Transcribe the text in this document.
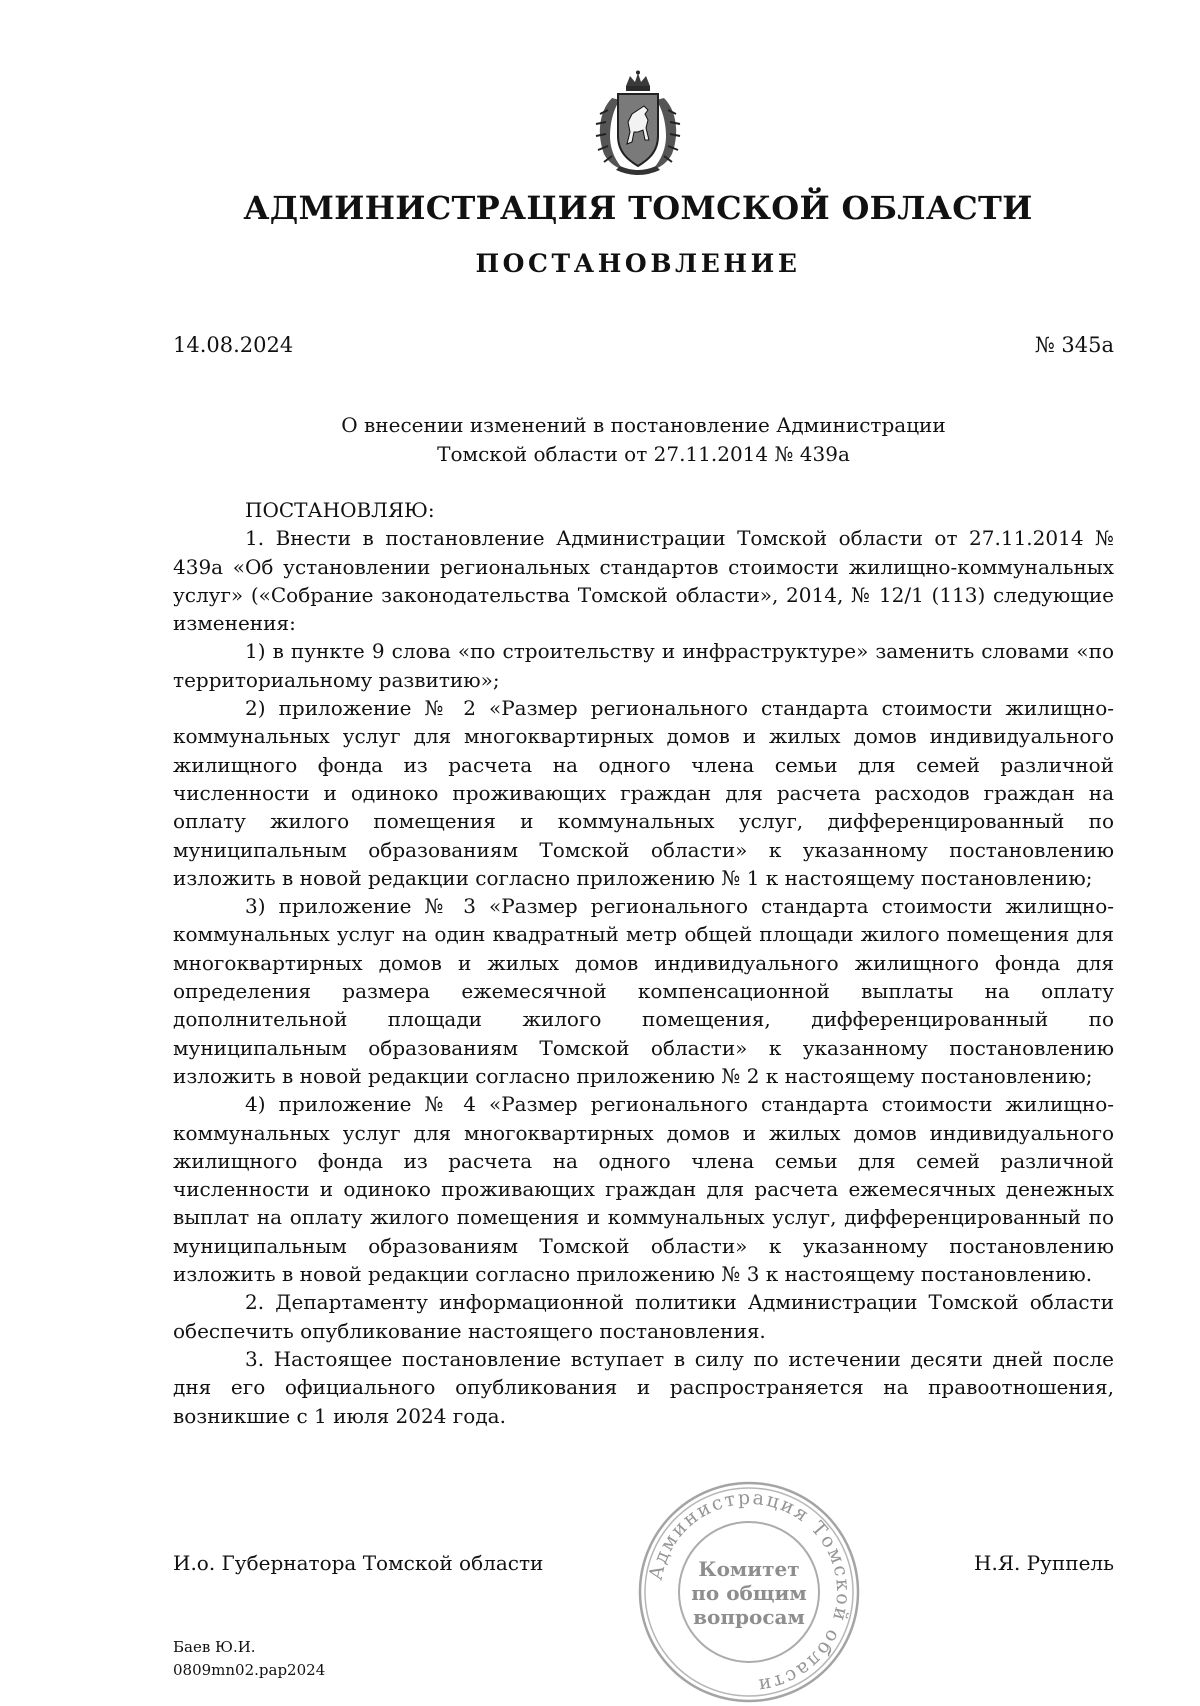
АДМИНИСТРАЦИЯ ТОМСКОЙ ОБЛАСТИ
ПОСТАНОВЛЕНИЕ
14.08.2024	№ 345а
О внесении изменений в постановление Администрации
Томской области от 27.11.2014 № 439а

ПОСТАНОВЛЯЮ:

1. Внести в постановление Администрации Томской области от 27.11.2014 № 439а «Об установлении региональных стандартов стоимости жилищно-коммунальных услуг» («Собрание законодательства Томской области», 2014, № 12/1 (113) следующие изменения:

1) в пункте 9 слова «по строительству и инфраструктуре» заменить словами «по территориальному развитию»;

2) приложение № 2 «Размер регионального стандарта стоимости жилищно-коммунальных услуг для многоквартирных домов и жилых домов индивидуального жилищного фонда из расчета на одного члена семьи для семей различной численности и одиноко проживающих граждан для расчета расходов граждан на оплату жилого помещения и коммунальных услуг, дифференцированный по муниципальным образованиям Томской области» к указанному постановлению изложить в новой редакции согласно приложению № 1 к настоящему постановлению;

3) приложение № 3 «Размер регионального стандарта стоимости жилищно-коммунальных услуг на один квадратный метр общей площади жилого помещения для многоквартирных домов и жилых домов индивидуального жилищного фонда для определения размера ежемесячной компенсационной выплаты на оплату дополнительной площади жилого помещения, дифференцированный по муниципальным образованиям Томской области» к указанному постановлению изложить в новой редакции согласно приложению № 2 к настоящему постановлению;

4) приложение № 4 «Размер регионального стандарта стоимости жилищно-коммунальных услуг для многоквартирных домов и жилых домов индивидуального жилищного фонда из расчета на одного члена семьи для семей различной численности и одиноко проживающих граждан для расчета ежемесячных денежных выплат на оплату жилого помещения и коммунальных услуг, дифференцированный по муниципальным образованиям Томской области» к указанному постановлению изложить в новой редакции согласно приложению № 3 к настоящему постановлению.

2. Департаменту информационной политики Администрации Томской области обеспечить опубликование настоящего постановления.

3. Настоящее постановление вступает в силу по истечении десяти дней после дня его официального опубликования и распространяется на правоотношения, возникшие с 1 июля 2024 года.

Администрация Томской области
Комитет
по общим
вопросам
И.о. Губернатора Томской области	Н.Я. Руппель
Баев Ю.И.
0809mn02.pap2024
